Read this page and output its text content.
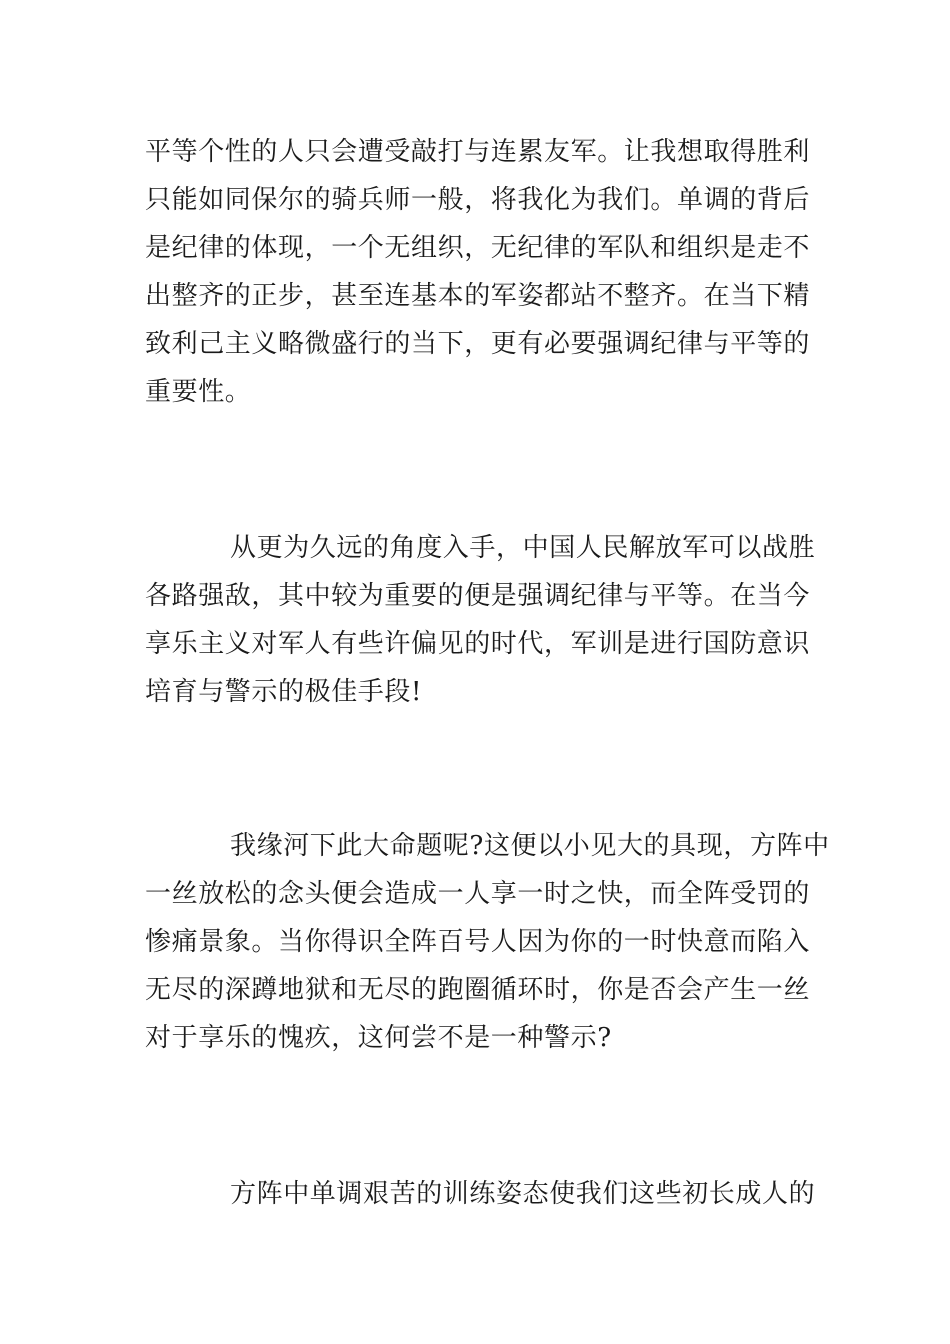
平等个性的人只会遭受敲打与连累友军。让我想取得胜利
只能如同保尔的骑兵师一般，将我化为我们。单调的背后
是纪律的体现，一个无组织，无纪律的军队和组织是走不
出整齐的正步，甚至连基本的军姿都站不整齐。在当下精
致利己主义略微盛行的当下，更有必要强调纪律与平等的
重要性。
从更为久远的角度入手，中国人民解放军可以战胜
各路强敌，其中较为重要的便是强调纪律与平等。在当今
享乐主义对军人有些许偏见的时代，军训是进行国防意识
培育与警示的极佳手段!
我缘河下此大命题呢?这便以小见大的具现，方阵中
一丝放松的念头便会造成一人享一时之快，而全阵受罚的
惨痛景象。当你得识全阵百号人因为你的一时快意而陷入
无尽的深蹲地狱和无尽的跑圈循环时，你是否会产生一丝
对于享乐的愧疚，这何尝不是一种警示?
方阵中单调艰苦的训练姿态使我们这些初长成人的
